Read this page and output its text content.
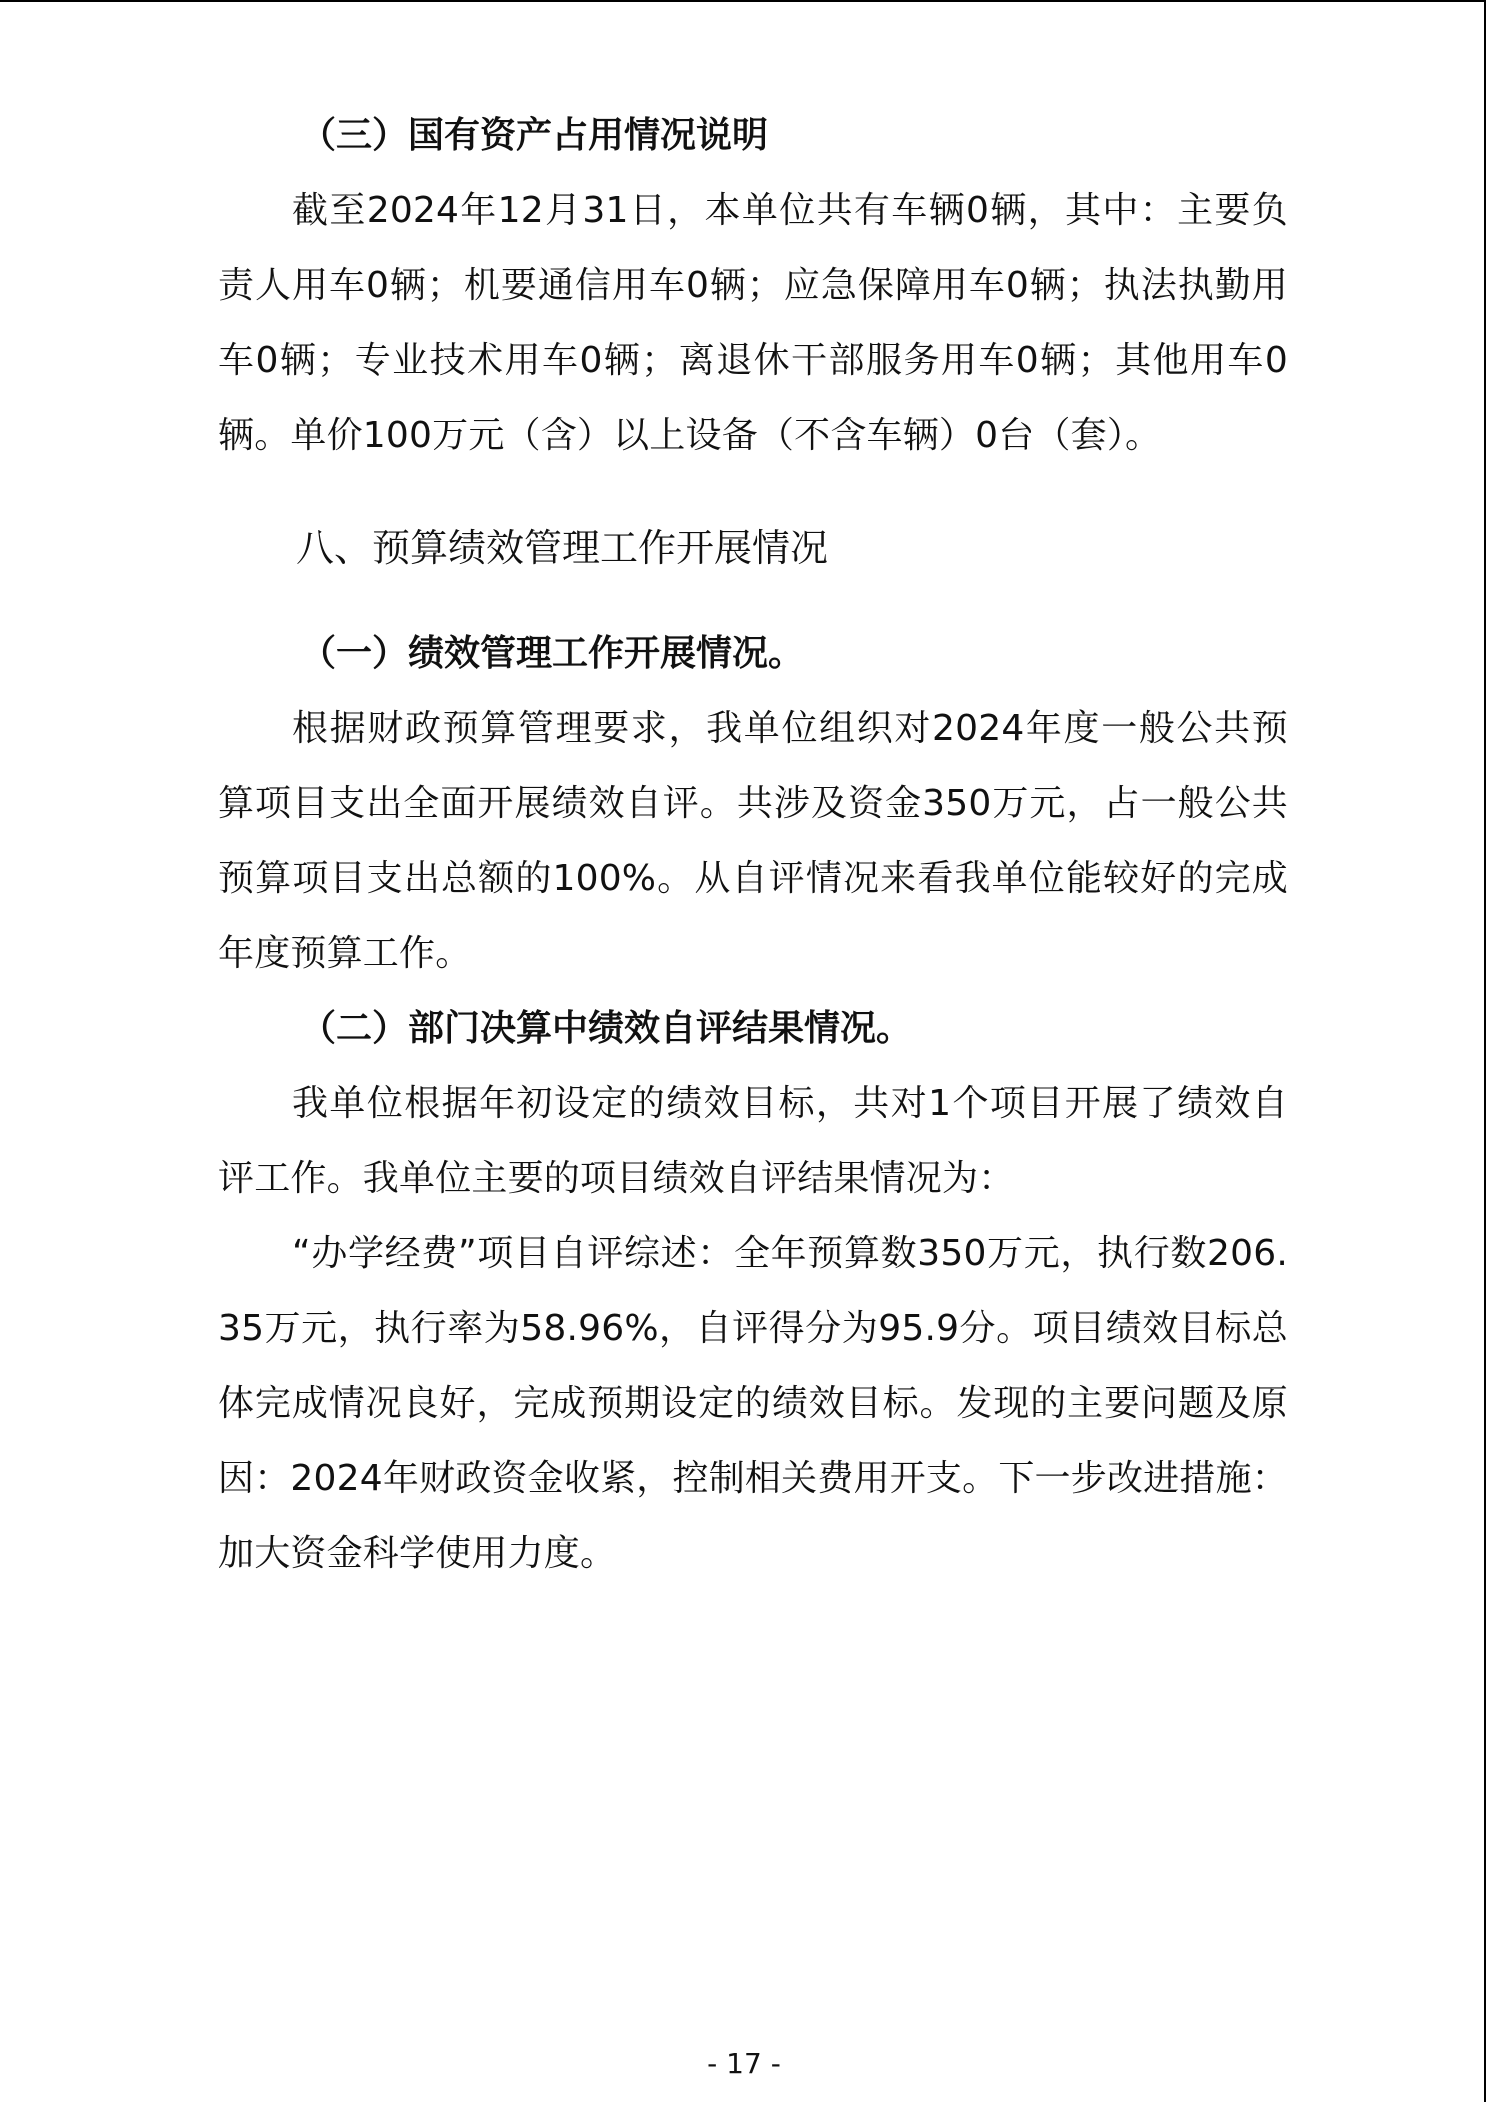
（三）国有资产占用情况说明

截至2024年12月31日，本单位共有车辆0辆，其中：主要负责人用车0辆；机要通信用车0辆；应急保障用车0辆；执法执勤用车0辆；专业技术用车0辆；离退休干部服务用车0辆；其他用车0辆。单价100万元（含）以上设备（不含车辆）0台（套）。

八、预算绩效管理工作开展情况

（一）绩效管理工作开展情况。

根据财政预算管理要求，我单位组织对2024年度一般公共预算项目支出全面开展绩效自评。共涉及资金350万元，占一般公共预算项目支出总额的100%。从自评情况来看我单位能较好的完成年度预算工作。

（二）部门决算中绩效自评结果情况。

我单位根据年初设定的绩效目标，共对1个项目开展了绩效自评工作。我单位主要的项目绩效自评结果情况为：

“办学经费”项目自评综述：全年预算数350万元，执行数206.35万元，执行率为58.96%，自评得分为95.9分。项目绩效目标总体完成情况良好，完成预期设定的绩效目标。发现的主要问题及原因：2024年财政资金收紧，控制相关费用开支。下一步改进措施：加大资金科学使用力度。

- 17 -
